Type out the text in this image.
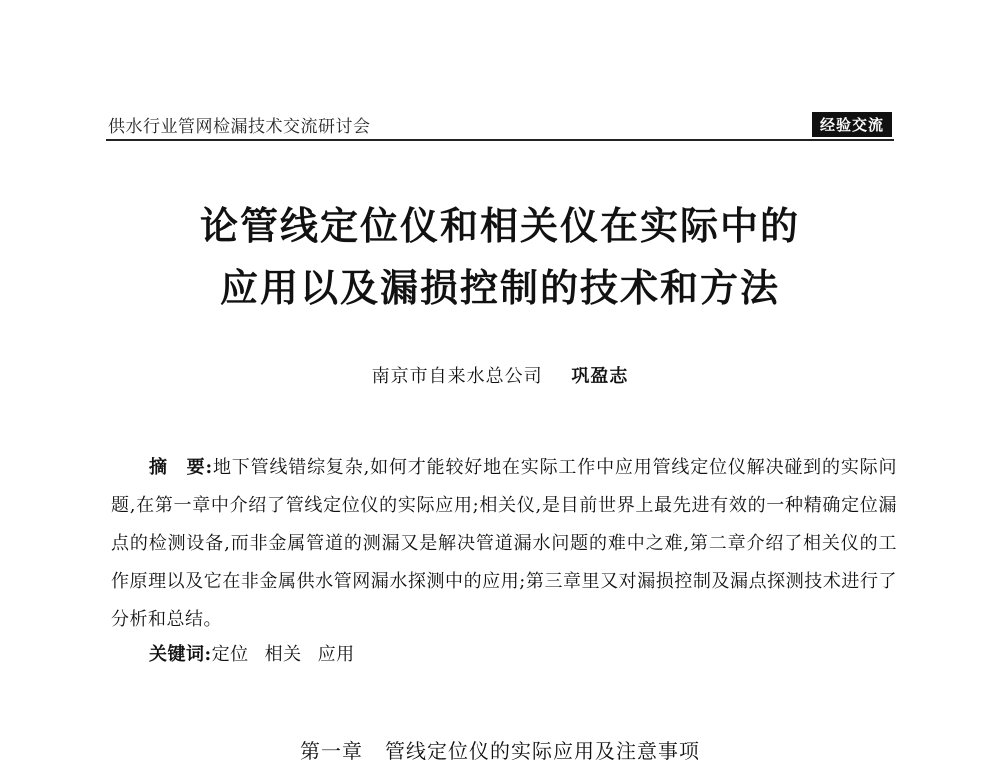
供水行业管网检漏技术交流研讨会	经验交流
论管线定位仪和相关仪在实际中的
应用以及漏损控制的技术和方法
南京市自来水总公司 巩盈志

摘　要:地下管线错综复杂,如何才能较好地在实际工作中应用管线定位仪解决碰到的实际问题,在第一章中介绍了管线定位仪的实际应用;相关仪,是目前世界上最先进有效的一种精确定位漏点的检测设备,而非金属管道的测漏又是解决管道漏水问题的难中之难,第二章介绍了相关仪的工作原理以及它在非金属供水管网漏水探测中的应用;第三章里又对漏损控制及漏点探测技术进行了分析和总结。

关键词:定位 相关 应用
第一章 管线定位仪的实际应用及注意事项
